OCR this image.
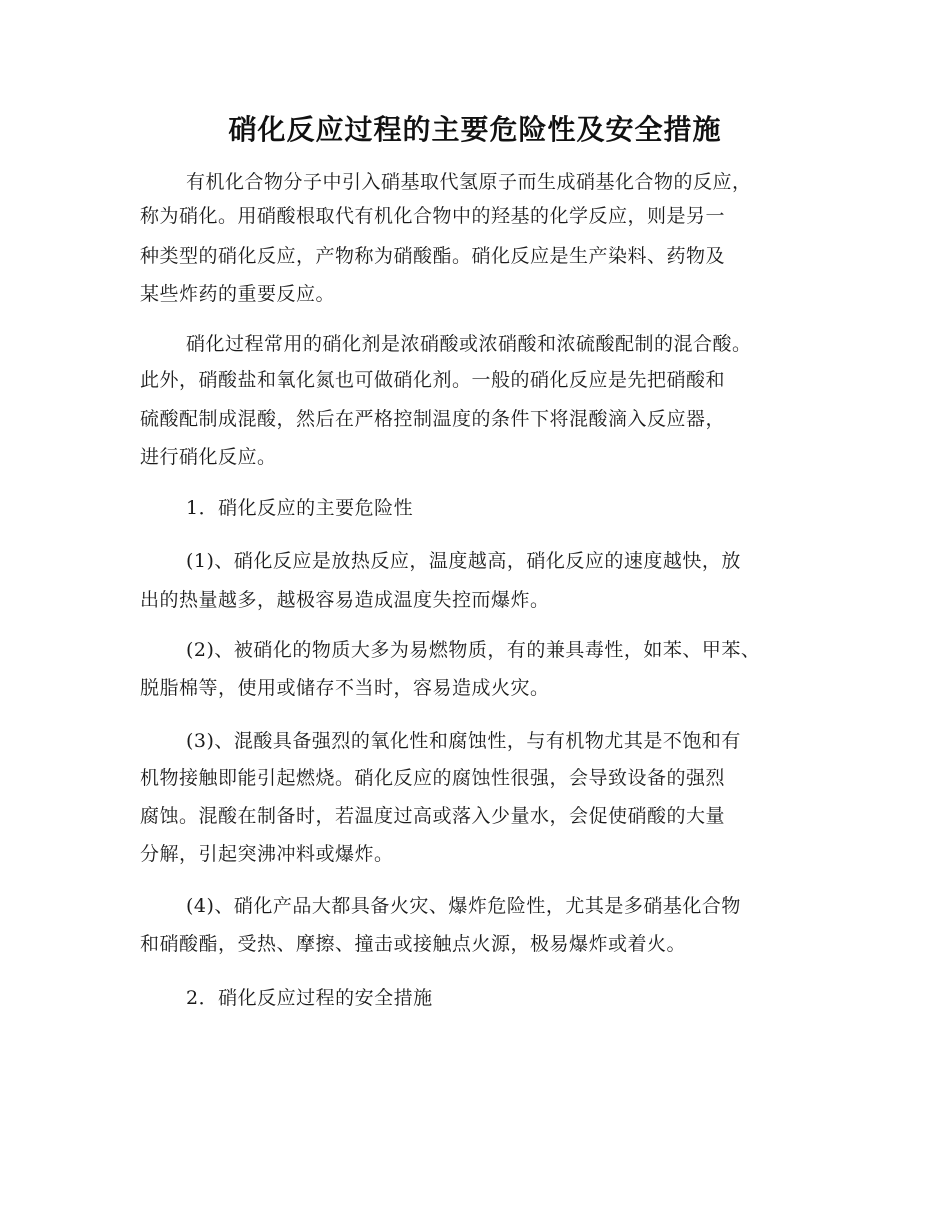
硝化反应过程的主要危险性及安全措施
有机化合物分子中引入硝基取代氢原子而生成硝基化合物的反应，
称为硝化。用硝酸根取代有机化合物中的羟基的化学反应，则是另一
种类型的硝化反应，产物称为硝酸酯。硝化反应是生产染料、药物及
某些炸药的重要反应。
硝化过程常用的硝化剂是浓硝酸或浓硝酸和浓硫酸配制的混合酸。
此外，硝酸盐和氧化氮也可做硝化剂。一般的硝化反应是先把硝酸和
硫酸配制成混酸，然后在严格控制温度的条件下将混酸滴入反应器，
进行硝化反应。
1．硝化反应的主要危险性
(1)、硝化反应是放热反应，温度越高，硝化反应的速度越快，放
出的热量越多，越极容易造成温度失控而爆炸。
(2)、被硝化的物质大多为易燃物质，有的兼具毒性，如苯、甲苯、
脱脂棉等，使用或储存不当时，容易造成火灾。
(3)、混酸具备强烈的氧化性和腐蚀性，与有机物尤其是不饱和有
机物接触即能引起燃烧。硝化反应的腐蚀性很强，会导致设备的强烈
腐蚀。混酸在制备时，若温度过高或落入少量水，会促使硝酸的大量
分解，引起突沸冲料或爆炸。
(4)、硝化产品大都具备火灾、爆炸危险性，尤其是多硝基化合物
和硝酸酯，受热、摩擦、撞击或接触点火源，极易爆炸或着火。
2．硝化反应过程的安全措施
